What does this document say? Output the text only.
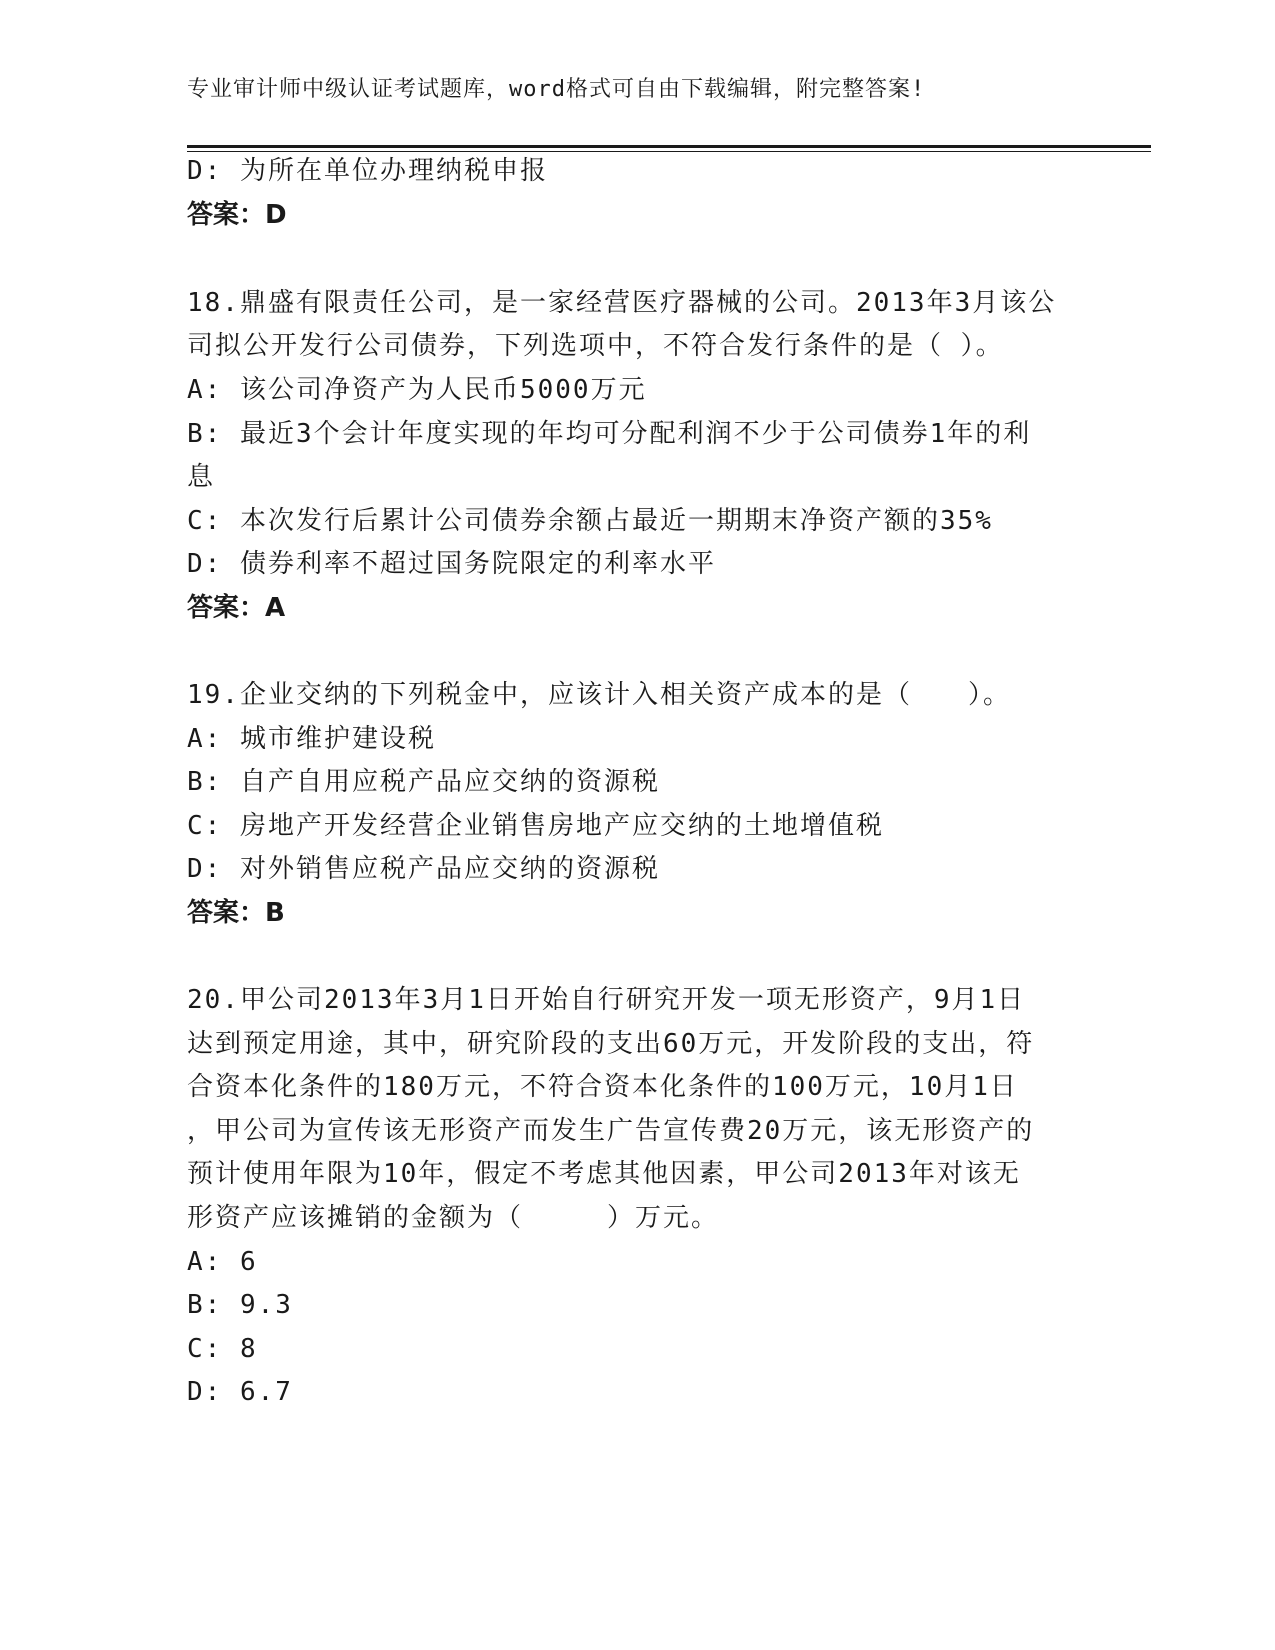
专业审计师中级认证考试题库，word格式可自由下载编辑，附完整答案!
D: 为所在单位办理纳税申报
答案：D
18.鼎盛有限责任公司，是一家经营医疗器械的公司。2013年3月该公
司拟公开发行公司债券，下列选项中，不符合发行条件的是（ ）。
A: 该公司净资产为人民币5000万元
B: 最近3个会计年度实现的年均可分配利润不少于公司债券1年的利
息
C: 本次发行后累计公司债券余额占最近一期期末净资产额的35%
D: 债券利率不超过国务院限定的利率水平
答案：A
19.企业交纳的下列税金中，应该计入相关资产成本的是（　　）。
A: 城市维护建设税
B: 自产自用应税产品应交纳的资源税
C: 房地产开发经营企业销售房地产应交纳的土地增值税
D: 对外销售应税产品应交纳的资源税
答案：B
20.甲公司2013年3月1日开始自行研究开发一项无形资产，9月1日
达到预定用途，其中，研究阶段的支出60万元，开发阶段的支出，符
合资本化条件的180万元，不符合资本化条件的100万元，10月1日
，甲公司为宣传该无形资产而发生广告宣传费20万元，该无形资产的
预计使用年限为10年，假定不考虑其他因素，甲公司2013年对该无
形资产应该摊销的金额为（　　　）万元。
A: 6
B: 9.3
C: 8
D: 6.7
